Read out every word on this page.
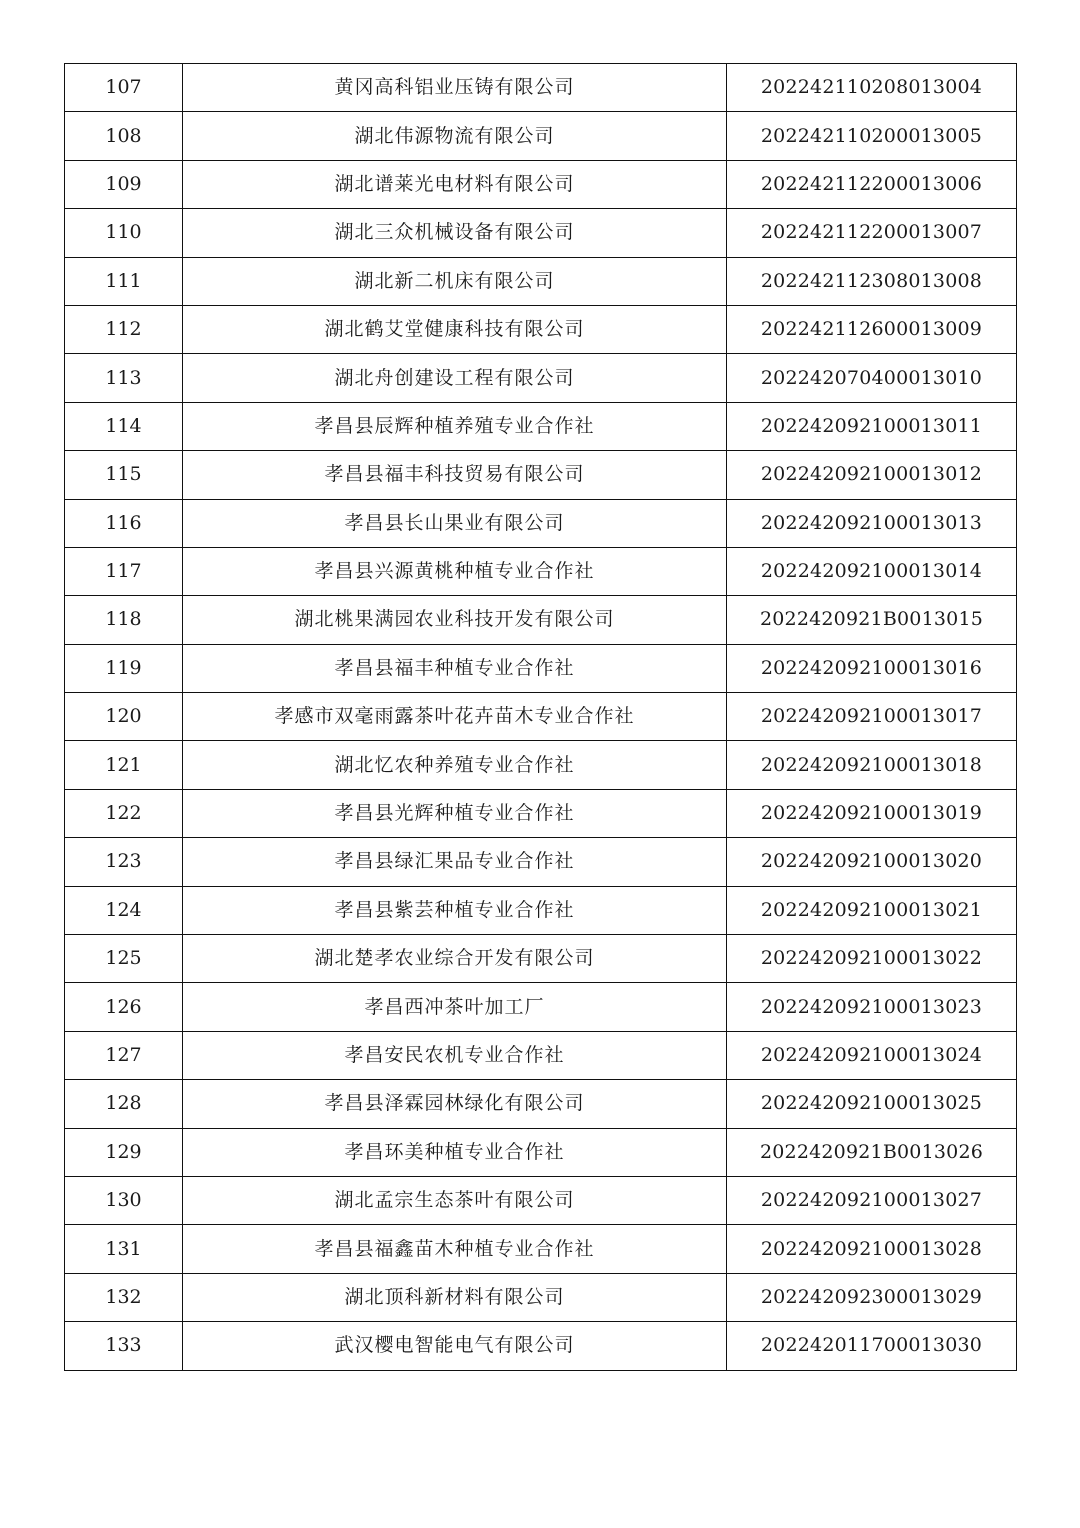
107	黄冈高科铝业压铸有限公司	202242110208013004
108	湖北伟源物流有限公司	202242110200013005
109	湖北谱莱光电材料有限公司	202242112200013006
110	湖北三众机械设备有限公司	202242112200013007
111	湖北新二机床有限公司	202242112308013008
112	湖北鹤艾堂健康科技有限公司	202242112600013009
113	湖北舟创建设工程有限公司	202242070400013010
114	孝昌县辰辉种植养殖专业合作社	202242092100013011
115	孝昌县福丰科技贸易有限公司	202242092100013012
116	孝昌县长山果业有限公司	202242092100013013
117	孝昌县兴源黄桃种植专业合作社	202242092100013014
118	湖北桃果满园农业科技开发有限公司	2022420921B0013015
119	孝昌县福丰种植专业合作社	202242092100013016
120	孝感市双毫雨露茶叶花卉苗木专业合作社	202242092100013017
121	湖北忆农种养殖专业合作社	202242092100013018
122	孝昌县光辉种植专业合作社	202242092100013019
123	孝昌县绿汇果品专业合作社	202242092100013020
124	孝昌县紫芸种植专业合作社	202242092100013021
125	湖北楚孝农业综合开发有限公司	202242092100013022
126	孝昌西冲茶叶加工厂	202242092100013023
127	孝昌安民农机专业合作社	202242092100013024
128	孝昌县泽霖园林绿化有限公司	202242092100013025
129	孝昌环美种植专业合作社	2022420921B0013026
130	湖北孟宗生态茶叶有限公司	202242092100013027
131	孝昌县福鑫苗木种植专业合作社	202242092100013028
132	湖北顶科新材料有限公司	202242092300013029
133	武汉樱电智能电气有限公司	202242011700013030
